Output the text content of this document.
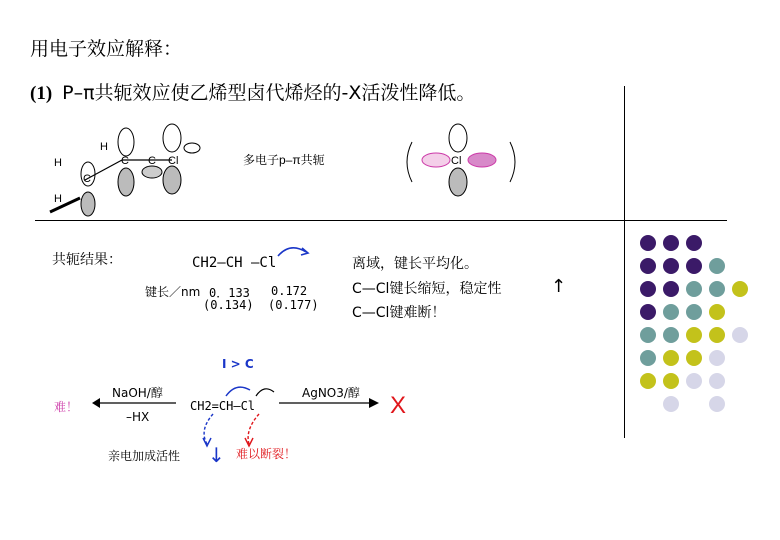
用电子效应解释：
(1) P–π共轭效应使乙烯型卤代烯烃的-X活泼性降低。
H
H	C
C
C Cl
H
多电子p–π共轭	Cl
共轭结果：	CH2—CH —Cl
键长／nm 0．133 0.172
(0.134) (0.177)
离域，键长平均化。
C—Cl键长缩短，稳定性	↑
C—Cl键难断！
I > C
难！
NaOH/醇
–HX
CH2=CH–Cl
AgNO3/醇 X
亲电加成活性 ↓ 难以断裂！
